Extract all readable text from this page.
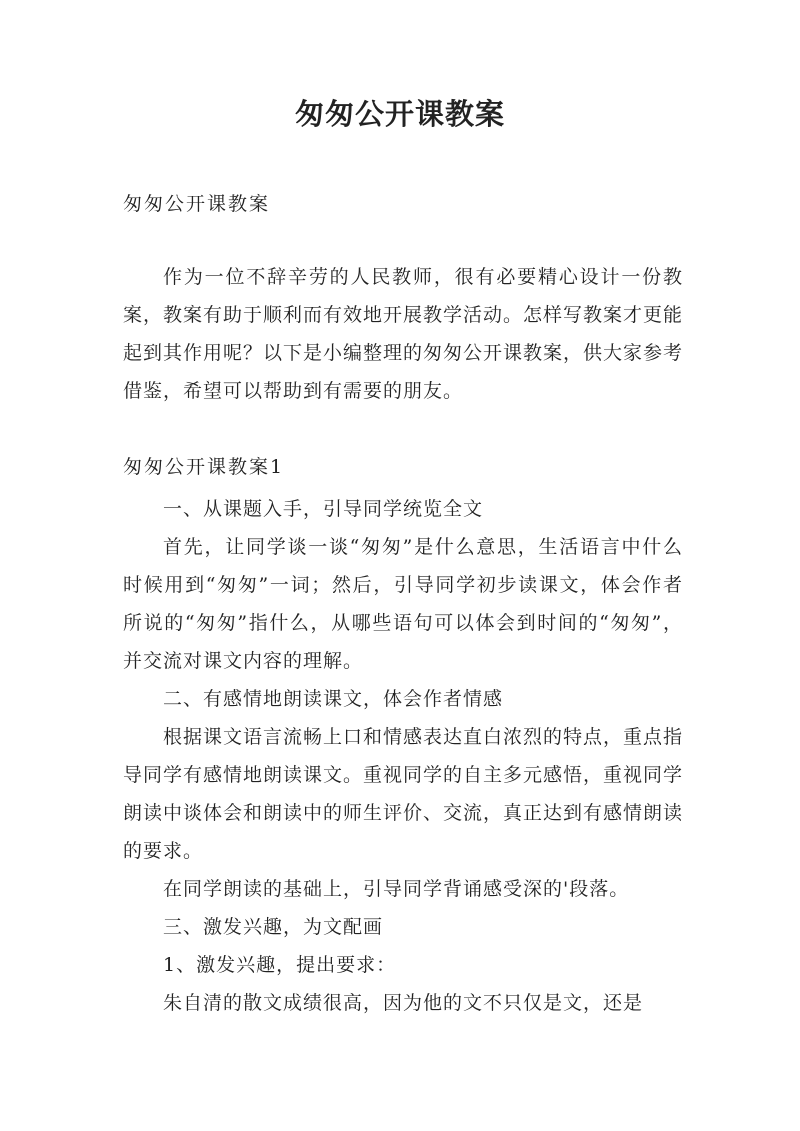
匆匆公开课教案
匆匆公开课教案
作为一位不辞辛劳的人民教师，很有必要精心设计一份教案，教案有助于顺利而有效地开展教学活动。怎样写教案才更能起到其作用呢？以下是小编整理的匆匆公开课教案，供大家参考借鉴，希望可以帮助到有需要的朋友。
匆匆公开课教案1

一、从课题入手，引导同学统览全文

首先，让同学谈一谈“匆匆”是什么意思，生活语言中什么时候用到“匆匆”一词；然后，引导同学初步读课文，体会作者所说的“匆匆”指什么，从哪些语句可以体会到时间的“匆匆”，并交流对课文内容的理解。

二、有感情地朗读课文，体会作者情感

根据课文语言流畅上口和情感表达直白浓烈的特点，重点指导同学有感情地朗读课文。重视同学的自主多元感悟，重视同学朗读中谈体会和朗读中的师生评价、交流，真正达到有感情朗读的要求。

在同学朗读的基础上，引导同学背诵感受深的'段落。

三、激发兴趣，为文配画

1、激发兴趣，提出要求：

朱自清的散文成绩很高，因为他的文不只仅是文，还是
